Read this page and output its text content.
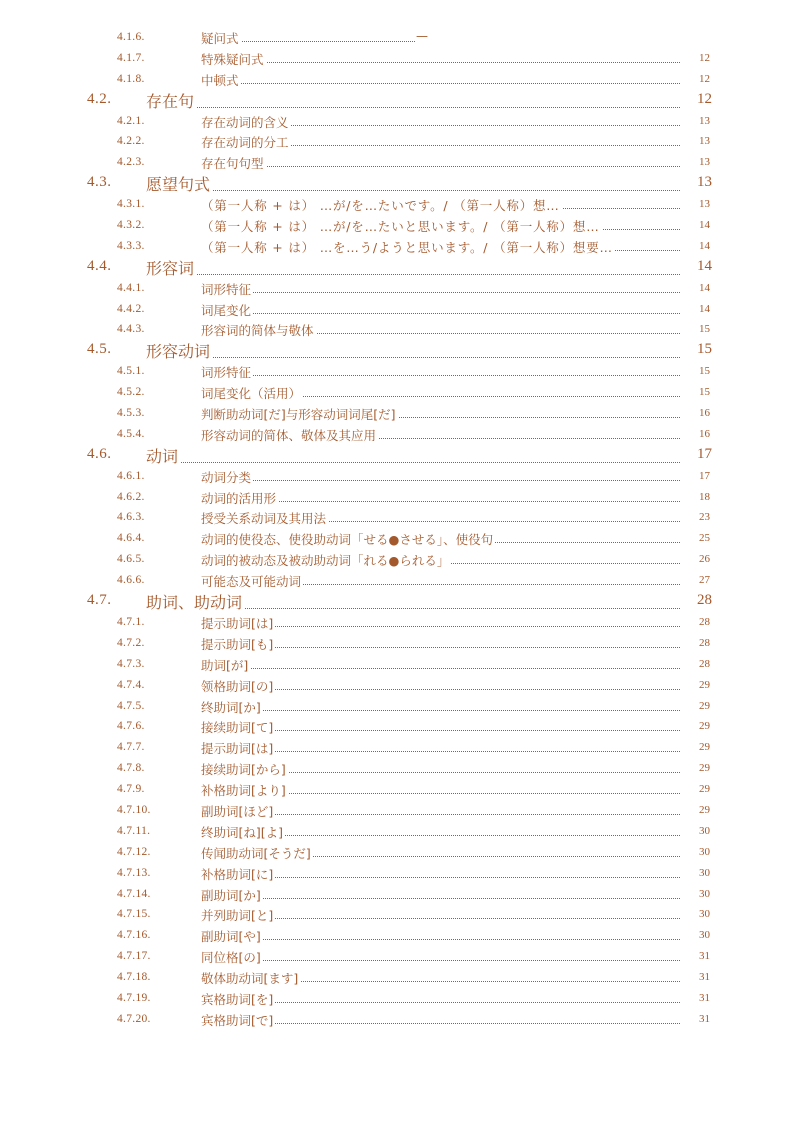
4.1.6.	疑问式	—
4.1.7.	特殊疑问式	12
4.1.8.	中顿式	12
4.2. 存在句	12
4.2.1.	存在动词的含义	13
4.2.2.	存在动词的分工	13
4.2.3.	存在句句型	13
4.3. 愿望句式	13
4.3.1.	（第一人称 + は） …が/を…たいです。/ （第一人称）想…	13
4.3.2.	（第一人称 + は） …が/を…たいと思います。/ （第一人称）想…	14
4.3.3.	（第一人称 + は） …を…う/ようと思います。/ （第一人称）想要…	14
4.4. 形容词	14
4.4.1.	词形特征	14
4.4.2.	词尾变化	14
4.4.3.	形容词的简体与敬体	15
4.5. 形容动词	15
4.5.1.	词形特征	15
4.5.2.	词尾变化（活用）	15
4.5.3.	判断助动词[だ]与形容动词词尾[だ]	16
4.5.4.	形容动词的简体、敬体及其应用	16
4.6. 动词	17
4.6.1.	动词分类	17
4.6.2.	动词的活用形	18
4.6.3.	授受关系动词及其用法	23
4.6.4.	动词的使役态、使役助动词「せる●させる」、使役句	25
4.6.5.	动词的被动态及被动助动词「れる●られる」	26
4.6.6.	可能态及可能动词	27
4.7. 助词、助动词	28
4.7.1.	提示助词[は]	28
4.7.2.	提示助词[も]	28
4.7.3.	助词[が]	28
4.7.4.	领格助词[の]	29
4.7.5.	终助词[か]	29
4.7.6.	接续助词[て]	29
4.7.7.	提示助词[は]	29
4.7.8.	接续助词[から]	29
4.7.9.	补格助词[より]	29
4.7.10.	副助词[ほど]	29
4.7.11.	终助词[ね][よ]	30
4.7.12.	传闻助动词[そうだ]	30
4.7.13.	补格助词[に]	30
4.7.14.	副助词[か]	30
4.7.15.	并列助词[と]	30
4.7.16.	副助词[や]	30
4.7.17.	同位格[の]	31
4.7.18.	敬体助动词[ます]	31
4.7.19.	宾格助词[を]	31
4.7.20.	宾格助词[で]	31
